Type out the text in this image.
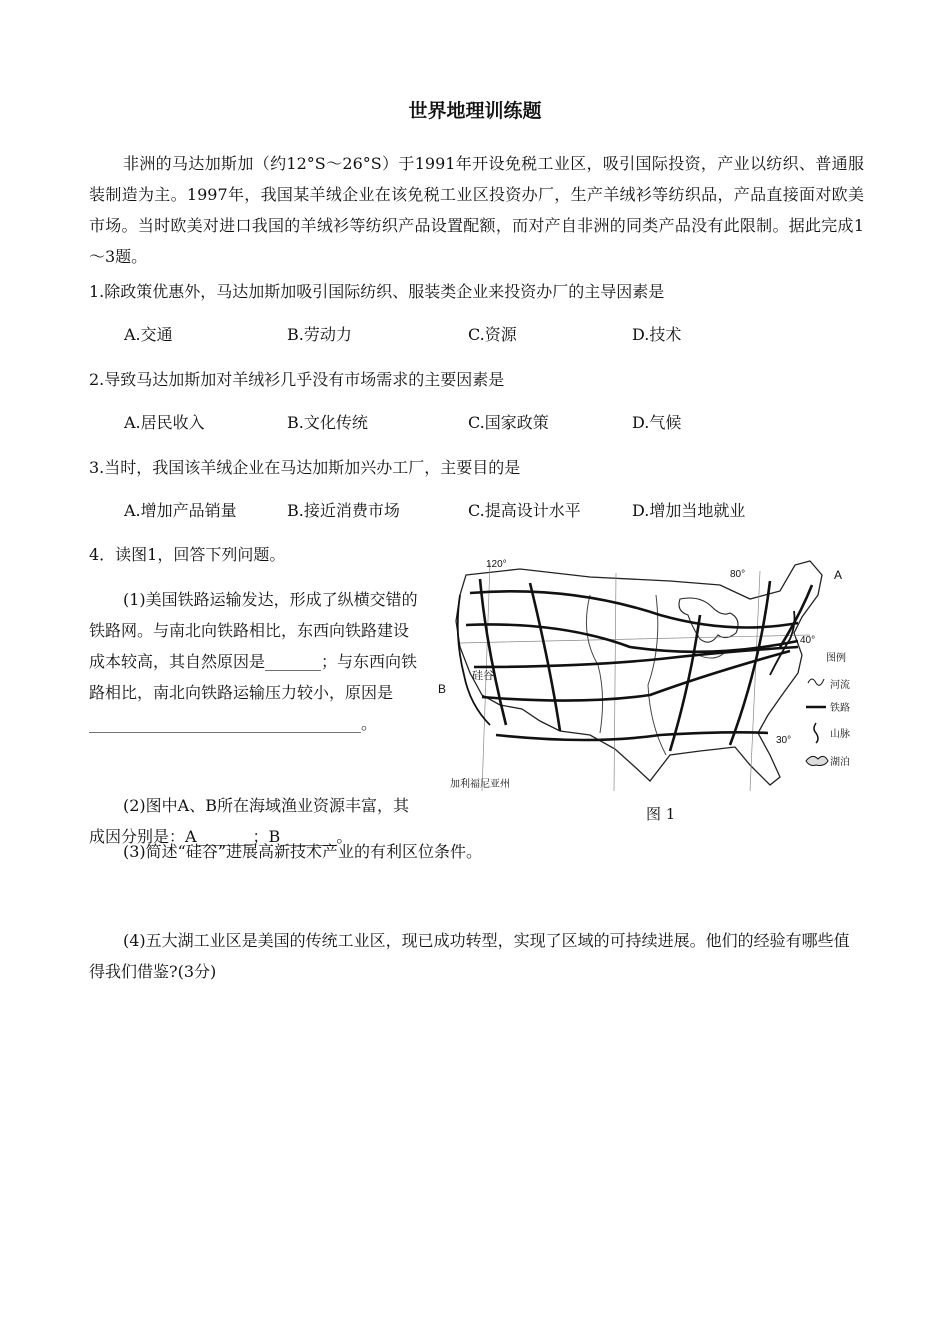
世界地理训练题
非洲的马达加斯加（约12°S～26°S）于1991年开设免税工业区，吸引国际投资，产业以纺织、普通服装制造为主。1997年，我国某羊绒企业在该免税工业区投资办厂，生产羊绒衫等纺织品，产品直接面对欧美市场。当时欧美对进口我国的羊绒衫等纺织产品设置配额，而对产自非洲的同类产品没有此限制。据此完成1～3题。
1.除政策优惠外，马达加斯加吸引国际纺织、服装类企业来投资办厂的主导因素是
A.交通	B.劳动力	C.资源	D.技术
2.导致马达加斯加对羊绒衫几乎没有市场需求的主要因素是
A.居民收入	B.文化传统	C.国家政策	D.气候
3.当时，我国该羊绒企业在马达加斯加兴办工厂，主要目的是
A.增加产品销量	B.接近消费市场	C.提高设计水平	D.增加当地就业
4．读图1，回答下列问题。
(1)美国铁路运输发达，形成了纵横交错的铁路网。与南北向铁路相比，东西向铁路建设成本较高，其自然原因是_______；与东西向铁路相比，南北向铁路运输压力较小，原因是__________________________________。
(2)图中A、B所在海域渔业资源丰富，其成因分别是：A_______；B_______。
(3)简述“硅谷”进展高新技术产业的有利区位条件。
(4)五大湖工业区是美国的传统工业区，现已成功转型，实现了区域的可持续进展。他们的经验有哪些值得我们借鉴?(3分)
120°
80°
40°
30°
A
B
硅谷
加利福尼亚州
图例
河流
铁路
山脉
湖泊
图 1
